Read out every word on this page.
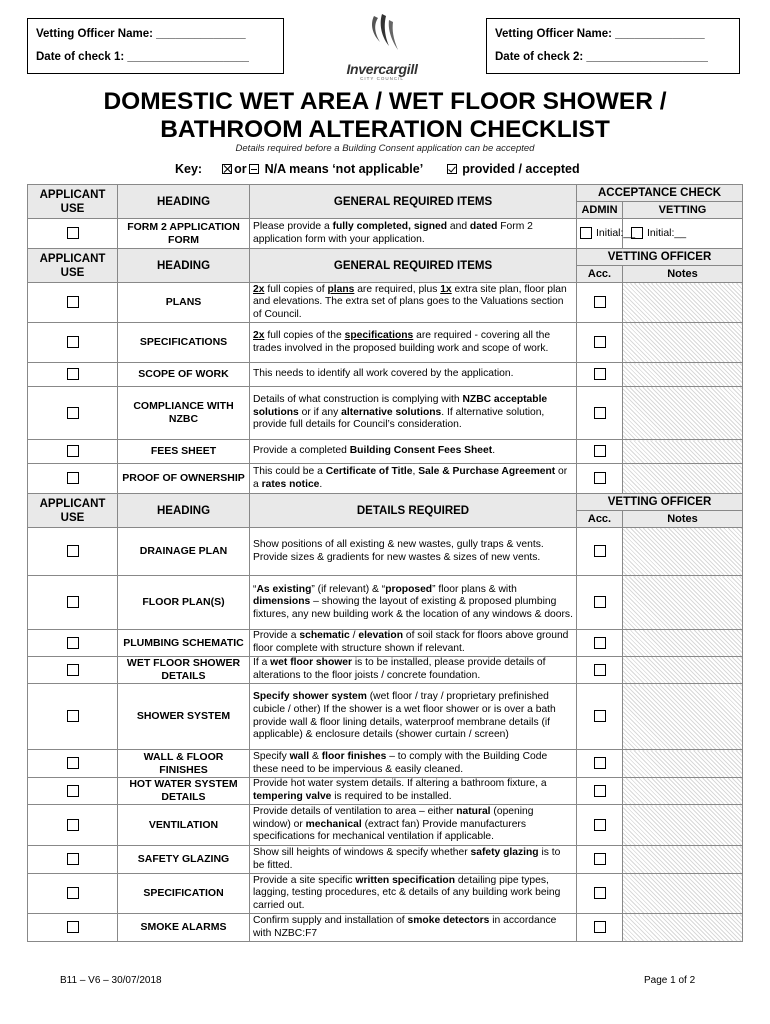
Vetting Officer Name: ______________
Date of check 1: ___________________
Invercargill
CITY COUNCIL
Vetting Officer Name: ______________
Date of check 2: ___________________
DOMESTIC WET AREA / WET FLOOR SHOWER /
BATHROOM ALTERATION CHECKLIST
Details required before a Building Consent application can be accepted
Key:	or N/A means ‘not applicable’	provided / accepted
APPLICANT USE	HEADING	GENERAL REQUIRED ITEMS	ACCEPTANCE CHECK	
			ADMIN	VETTING
	FORM 2 APPLICATION FORM	Please provide a fully completed, signed and dated Form 2 application form with your application.	Initial:__	Initial:__
APPLICANT USE	HEADING	GENERAL REQUIRED ITEMS	VETTING OFFICER	
			Acc.	Notes
	PLANS	2x full copies of plans are required, plus 1x extra site plan, floor plan and elevations. The extra set of plans goes to the Valuations section of Council.		
	SPECIFICATIONS	2x full copies of the specifications are required - covering all the trades involved in the proposed building work and scope of work.		
	SCOPE OF WORK	This needs to identify all work covered by the application.		
	COMPLIANCE WITH NZBC	Details of what construction is complying with NZBC acceptable solutions or if any alternative solutions. If alternative solution, provide full details for Council’s consideration.		
	FEES SHEET	Provide a completed Building Consent Fees Sheet.		
	PROOF OF OWNERSHIP	This could be a Certificate of Title, Sale & Purchase Agreement or a rates notice.		
APPLICANT USE	HEADING	DETAILS REQUIRED	VETTING OFFICER	
			Acc.	Notes
	DRAINAGE PLAN	Show positions of all existing & new wastes, gully traps & vents. Provide sizes & gradients for new wastes & sizes of new vents.		
	FLOOR PLAN(S)	“As existing” (if relevant) & “proposed” floor plans & with dimensions – showing the layout of existing & proposed plumbing fixtures, any new building work & the location of any windows & doors.		
	PLUMBING SCHEMATIC	Provide a schematic / elevation of soil stack for floors above ground floor complete with structure shown if relevant.		
	WET FLOOR SHOWER DETAILS	If a wet floor shower is to be installed, please provide details of alterations to the floor joists / concrete foundation.		
	SHOWER SYSTEM	Specify shower system (wet floor / tray / proprietary prefinished cubicle / other) If the shower is a wet floor shower or is over a bath provide wall & floor lining details, waterproof membrane details (if applicable) & enclosure details (shower curtain / screen)		
	WALL & FLOOR FINISHES	Specify wall & floor finishes – to comply with the Building Code these need to be impervious & easily cleaned.		
	HOT WATER SYSTEM DETAILS	Provide hot water system details. If altering a bathroom fixture, a tempering valve is required to be installed.		
	VENTILATION	Provide details of ventilation to area – either natural (opening window) or mechanical (extract fan) Provide manufacturers specifications for mechanical ventilation if applicable.		
	SAFETY GLAZING	Show sill heights of windows & specify whether safety glazing is to be fitted.		
	SPECIFICATION	Provide a site specific written specification detailing pipe types, lagging, testing procedures, etc & details of any building work being carried out.		
	SMOKE ALARMS	Confirm supply and installation of smoke detectors in accordance with NZBC:F7		
B11 – V6 – 30/07/2018	Page 1 of 2
